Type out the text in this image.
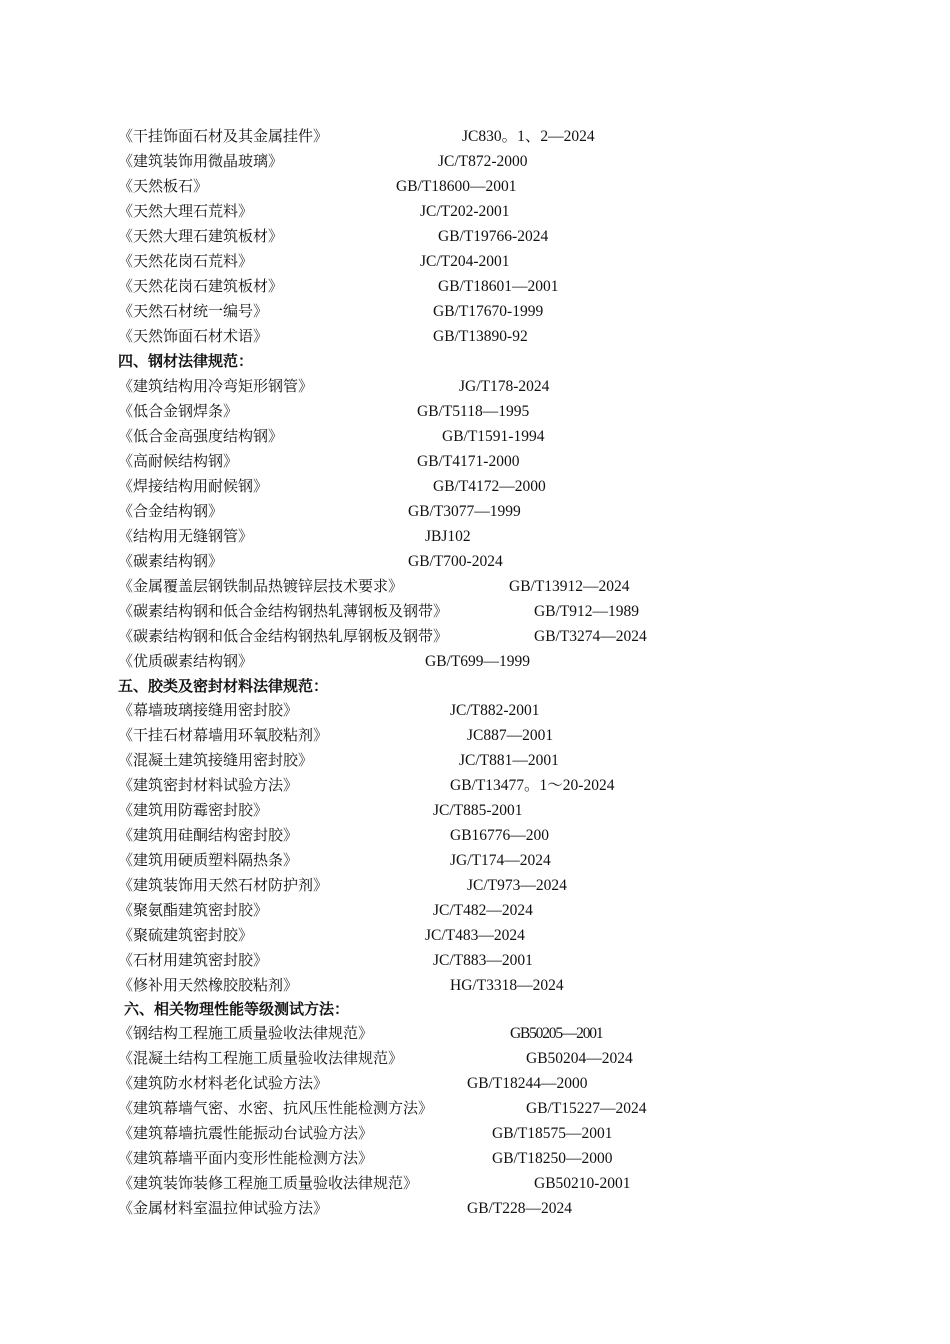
《干挂饰面石材及其金属挂件》	JC830。1、2—2024
《建筑装饰用微晶玻璃》	JC/T872-2000
《天然板石》	GB/T18600—2001
《天然大理石荒料》	JC/T202-2001
《天然大理石建筑板材》	GB/T19766-2024
《天然花岗石荒料》	JC/T204-2001
《天然花岗石建筑板材》	GB/T18601—2001
《天然石材统一编号》	GB/T17670-1999
《天然饰面石材术语》	GB/T13890-92
四、钢材法律规范：
《建筑结构用冷弯矩形钢管》	JG/T178-2024
《低合金钢焊条》	GB/T5118—1995
《低合金高强度结构钢》	GB/T1591-1994
《高耐候结构钢》	GB/T4171-2000
《焊接结构用耐候钢》	GB/T4172—2000
《合金结构钢》	GB/T3077—1999
《结构用无缝钢管》	JBJ102
《碳素结构钢》	GB/T700-2024
《金属覆盖层钢铁制品热镀锌层技术要求》	GB/T13912—2024
《碳素结构钢和低合金结构钢热轧薄钢板及钢带》	GB/T912—1989
《碳素结构钢和低合金结构钢热轧厚钢板及钢带》	GB/T3274—2024
《优质碳素结构钢》	GB/T699—1999
五、胶类及密封材料法律规范：
《幕墙玻璃接缝用密封胶》	JC/T882-2001
《干挂石材幕墙用环氧胶粘剂》	JC887—2001
《混凝土建筑接缝用密封胶》	JC/T881—2001
《建筑密封材料试验方法》	GB/T13477。1～20-2024
《建筑用防霉密封胶》	JC/T885-2001
《建筑用硅酮结构密封胶》	GB16776—200
《建筑用硬质塑料隔热条》	JG/T174—2024
《建筑装饰用天然石材防护剂》	JC/T973—2024
《聚氨酯建筑密封胶》	JC/T482—2024
《聚硫建筑密封胶》	JC/T483—2024
《石材用建筑密封胶》	JC/T883—2001
《修补用天然橡胶胶粘剂》	HG/T3318—2024
六、相关物理性能等级测试方法：
《钢结构工程施工质量验收法律规范》	GB50205—2001
《混凝土结构工程施工质量验收法律规范》	GB50204—2024
《建筑防水材料老化试验方法》	GB/T18244—2000
《建筑幕墙气密、水密、抗风压性能检测方法》	GB/T15227—2024
《建筑幕墙抗震性能振动台试验方法》	GB/T18575—2001
《建筑幕墙平面内变形性能检测方法》	GB/T18250—2000
《建筑装饰装修工程施工质量验收法律规范》	GB50210-2001
《金属材料室温拉伸试验方法》	GB/T228—2024
